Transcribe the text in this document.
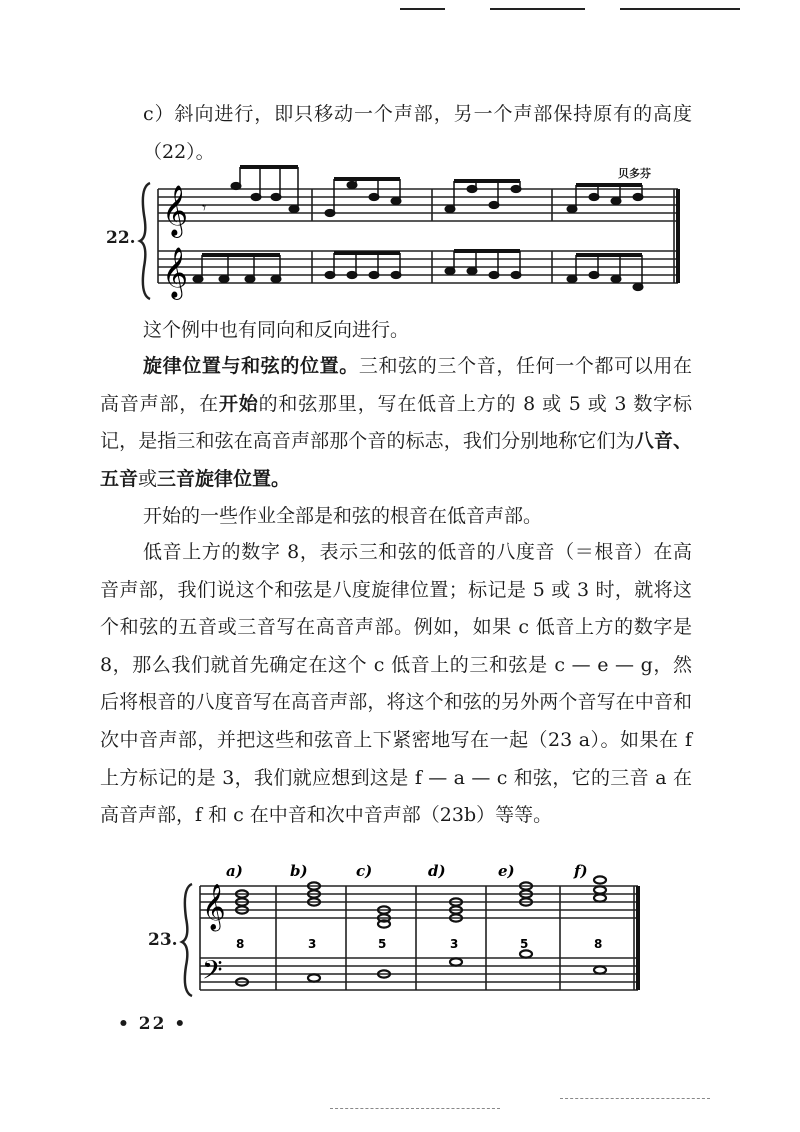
c）斜向进行，即只移动一个声部，另一个声部保持原有的高度（22）。
22.
贝多芬
𝄞
𝄞
𝄾
这个例中也有同向和反向进行。
旋律位置与和弦的位置。三和弦的三个音，任何一个都可以用在高音声部，在开始的和弦那里，写在低音上方的 8 或 5 或 3 数字标记，是指三和弦在高音声部那个音的标志，我们分别地称它们为八音、五音或三音旋律位置。
开始的一些作业全部是和弦的根音在低音声部。
低音上方的数字 8，表示三和弦的低音的八度音（＝根音）在高音声部，我们说这个和弦是八度旋律位置；标记是 5 或 3 时，就将这个和弦的五音或三音写在高音声部。例如，如果 c 低音上方的数字是 8，那么我们就首先确定在这个 c 低音上的三和弦是 c — e — g，然后将根音的八度音写在高音声部，将这个和弦的另外两个音写在中音和次中音声部，并把这些和弦音上下紧密地写在一起（23 a）。如果在 f 上方标记的是 3，我们就应想到这是 f — a — c 和弦，它的三音 a 在高音声部，f 和 c 在中音和次中音声部（23b）等等。
23.
a)	b)	c)	d)	e)	f)
𝄞
𝄢
8	3	5	3	5	8
• 22 •
